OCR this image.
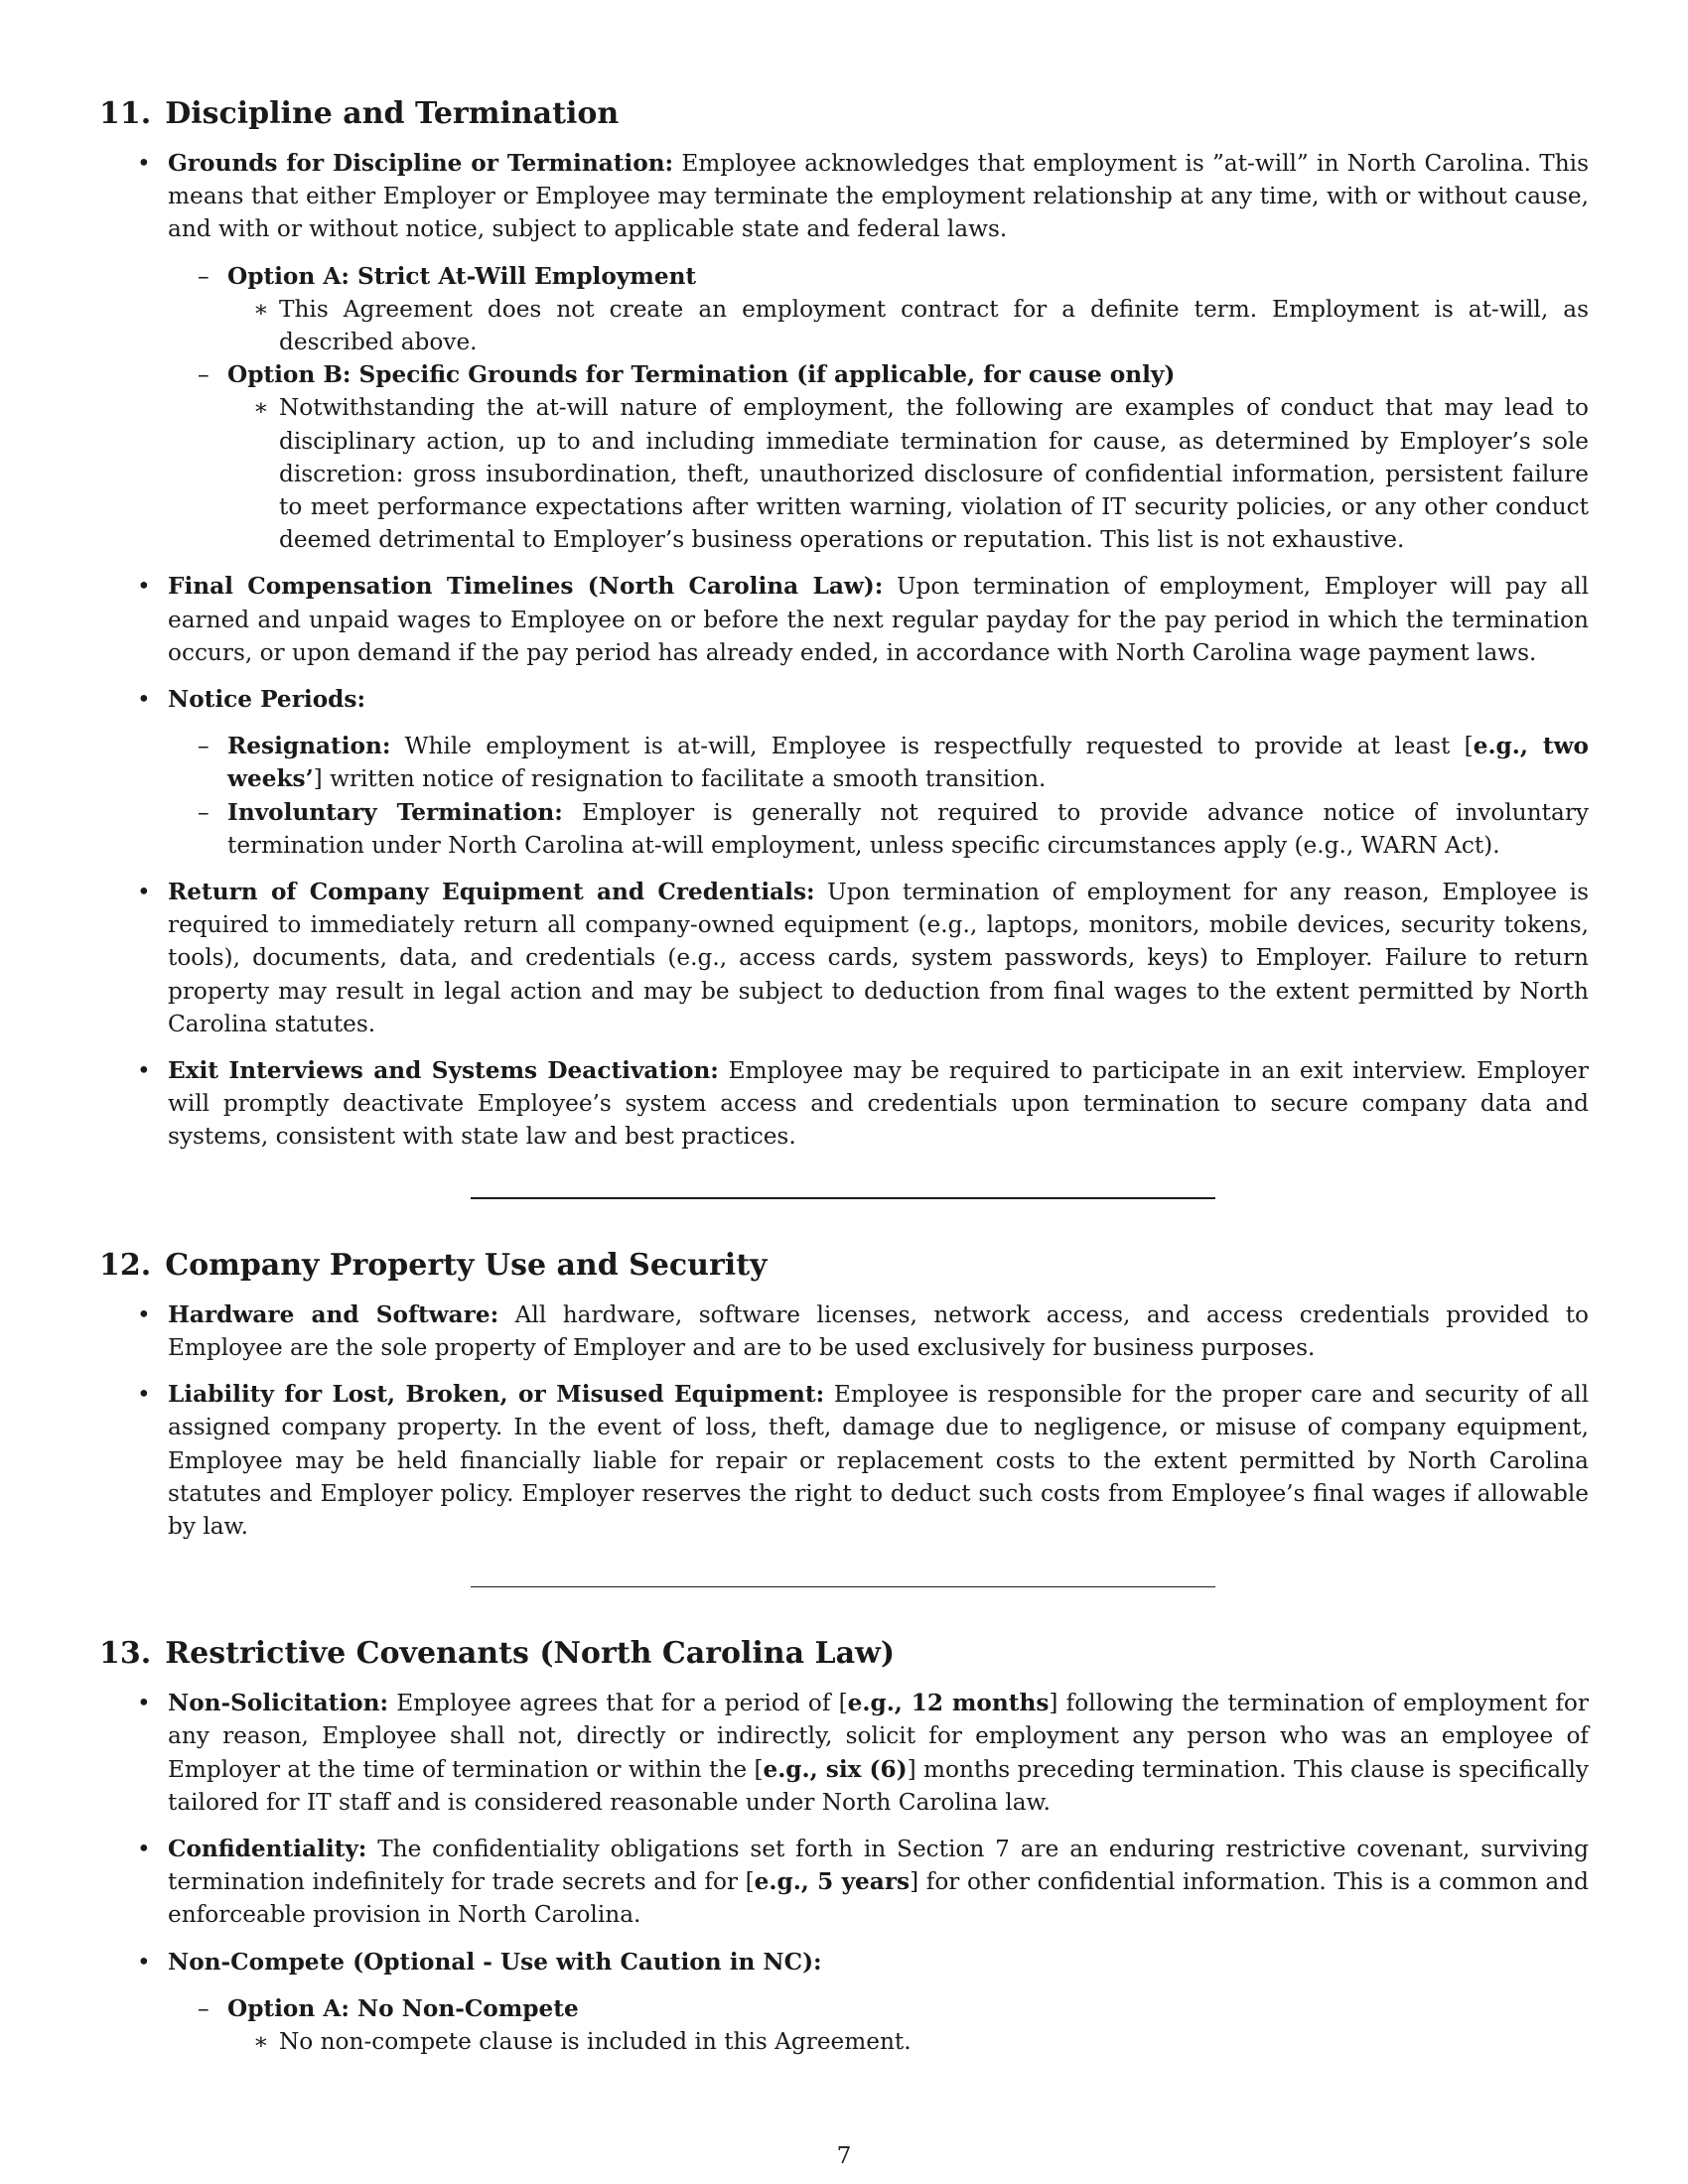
11. Discipline and Termination
• Grounds for Discipline or Termination: Employee acknowledges that employment is ”at-will” in North Carolina. This means that either Employer or Employee may terminate the employment relationship at any time, with or without cause, and with or without notice, subject to applicable state and federal laws.
– Option A: Strict At-Will Employment
∗ This Agreement does not create an employment contract for a definite term. Employment is at-will, as described above.
– Option B: Specific Grounds for Termination (if applicable, for cause only)
∗ Notwithstanding the at-will nature of employment, the following are examples of conduct that may lead to disciplinary action, up to and including immediate termination for cause, as determined by Employer’s sole discretion: gross insubordination, theft, unauthorized disclosure of confidential information, persistent failure to meet performance expectations after written warning, violation of IT security policies, or any other conduct deemed detrimental to Employer’s business operations or reputation. This list is not exhaustive.
• Final Compensation Timelines (North Carolina Law): Upon termination of employment, Employer will pay all earned and unpaid wages to Employee on or before the next regular payday for the pay period in which the termination occurs, or upon demand if the pay period has already ended, in accordance with North Carolina wage payment laws.
• Notice Periods:
– Resignation: While employment is at-will, Employee is respectfully requested to provide at least [e.g., two weeks’] written notice of resignation to facilitate a smooth transition.
– Involuntary Termination: Employer is generally not required to provide advance notice of involuntary termination under North Carolina at-will employment, unless specific circumstances apply (e.g., WARN Act).
• Return of Company Equipment and Credentials: Upon termination of employment for any reason, Employee is required to immediately return all company-owned equipment (e.g., laptops, monitors, mobile devices, security tokens, tools), documents, data, and credentials (e.g., access cards, system passwords, keys) to Employer. Failure to return property may result in legal action and may be subject to deduction from final wages to the extent permitted by North Carolina statutes.
• Exit Interviews and Systems Deactivation: Employee may be required to participate in an exit interview. Employer will promptly deactivate Employee’s system access and credentials upon termination to secure company data and systems, consistent with state law and best practices.
12. Company Property Use and Security
• Hardware and Software: All hardware, software licenses, network access, and access credentials provided to Employee are the sole property of Employer and are to be used exclusively for business purposes.
• Liability for Lost, Broken, or Misused Equipment: Employee is responsible for the proper care and security of all assigned company property. In the event of loss, theft, damage due to negligence, or misuse of company equipment, Employee may be held financially liable for repair or replacement costs to the extent permitted by North Carolina statutes and Employer policy. Employer reserves the right to deduct such costs from Employee’s final wages if allowable by law.
13. Restrictive Covenants (North Carolina Law)
• Non-Solicitation: Employee agrees that for a period of [e.g., 12 months] following the termination of employment for any reason, Employee shall not, directly or indirectly, solicit for employment any person who was an employee of Employer at the time of termination or within the [e.g., six (6)] months preceding termination. This clause is specifically tailored for IT staff and is considered reasonable under North Carolina law.
• Confidentiality: The confidentiality obligations set forth in Section 7 are an enduring restrictive covenant, surviving termination indefinitely for trade secrets and for [e.g., 5 years] for other confidential information. This is a common and enforceable provision in North Carolina.
• Non-Compete (Optional - Use with Caution in NC):
– Option A: No Non-Compete
∗ No non-compete clause is included in this Agreement.
7
